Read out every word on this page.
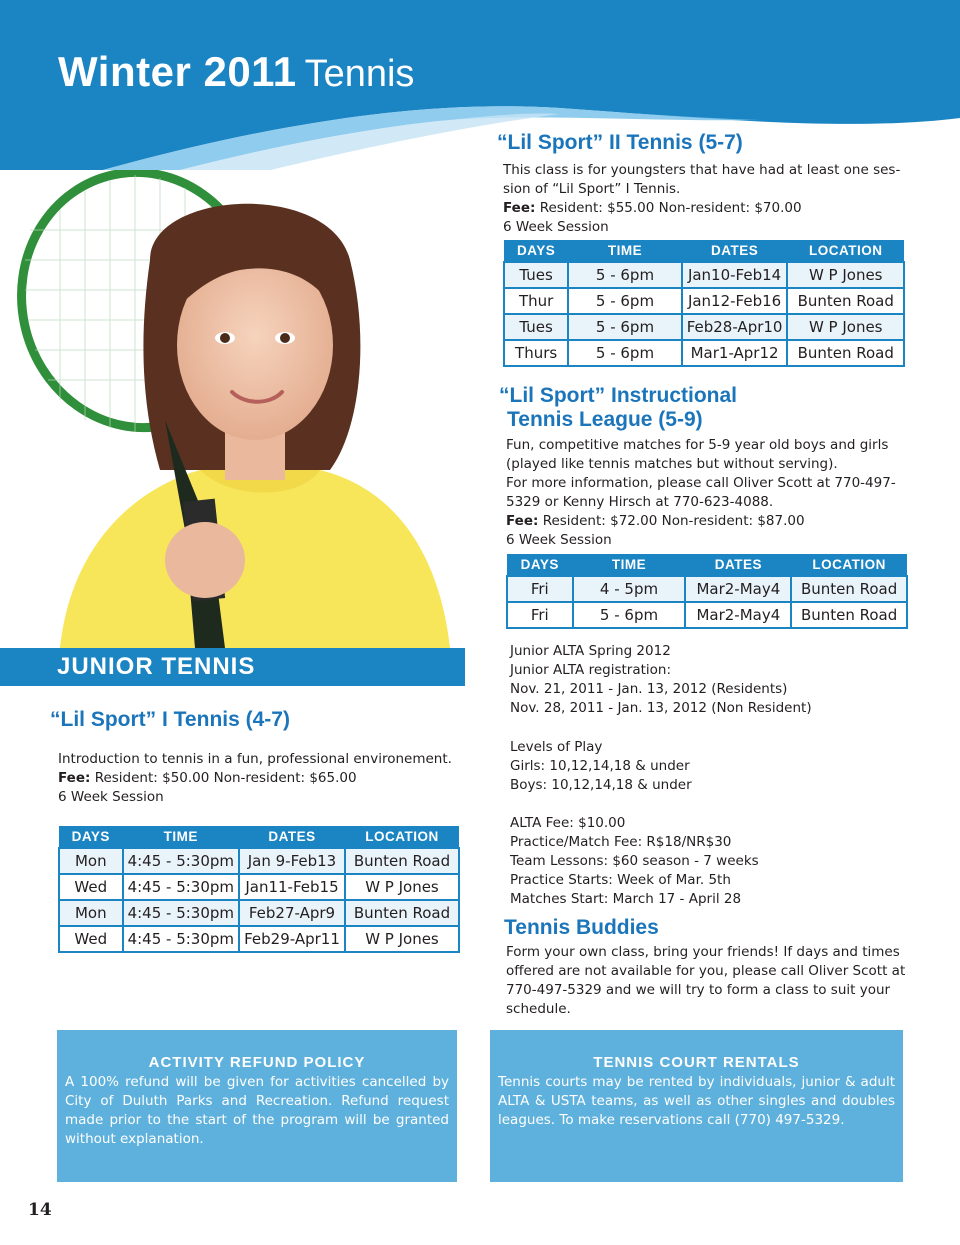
Winter 2011 Tennis
JUNIOR TENNIS
“Lil Sport” I Tennis (4-7)
Introduction to tennis in a fun, professional environement.
Fee: Resident: $50.00 Non-resident: $65.00
6 Week Session
DAYS	TIME	DATES	LOCATION
Mon	4:45 - 5:30pm	Jan 9-Feb13	Bunten Road
Wed	4:45 - 5:30pm	Jan11-Feb15	W P Jones
Mon	4:45 - 5:30pm	Feb27-Apr9	Bunten Road
Wed	4:45 - 5:30pm	Feb29-Apr11	W P Jones
“Lil Sport” II Tennis (5-7)
This class is for youngsters that have had at least one ses-
sion of “Lil Sport” I Tennis.
Fee: Resident: $55.00 Non-resident: $70.00
6 Week Session
DAYS	TIME	DATES	LOCATION
Tues	5 - 6pm	Jan10-Feb14	W P Jones
Thur	5 - 6pm	Jan12-Feb16	Bunten Road
Tues	5 - 6pm	Feb28-Apr10	W P Jones
Thurs	5 - 6pm	Mar1-Apr12	Bunten Road
“Lil Sport” Instructional
Tennis League (5-9)
Fun, competitive matches for 5-9 year old boys and girls
(played like tennis matches but without serving).
For more information, please call Oliver Scott at 770-497-
5329 or Kenny Hirsch at 770-623-4088.
Fee: Resident: $72.00 Non-resident: $87.00
6 Week Session
DAYS	TIME	DATES	LOCATION
Fri	4 - 5pm	Mar2-May4	Bunten Road
Fri	5 - 6pm	Mar2-May4	Bunten Road
Junior ALTA Spring 2012
Junior ALTA registration:
Nov. 21, 2011 - Jan. 13, 2012 (Residents)
Nov. 28, 2011 - Jan. 13, 2012 (Non Resident)
Levels of Play
Girls: 10,12,14,18 & under
Boys: 10,12,14,18 & under
ALTA Fee: $10.00
Practice/Match Fee: R$18/NR$30
Team Lessons: $60 season - 7 weeks
Practice Starts: Week of Mar. 5th
Matches Start: March 17 - April 28
Tennis Buddies
Form your own class, bring your friends! If days and times
offered are not available for you, please call Oliver Scott at
770-497-5329 and we will try to form a class to suit your
schedule.
ACTIVITY REFUND POLICY
A 100% refund will be given for activities cancelled by City of Duluth Parks and Recreation. Refund request made prior to the start of the program will be granted without explanation.
TENNIS COURT RENTALS
Tennis courts may be rented by individuals, junior & adult ALTA & USTA teams, as well as other singles and doubles leagues. To make reservations call (770) 497-5329.
14
